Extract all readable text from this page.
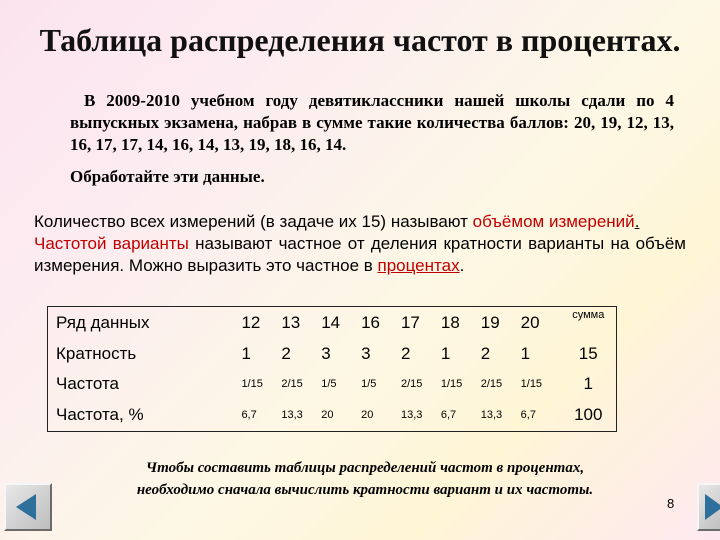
Таблица распределения частот в процентах.

В 2009-2010 учебном году девятиклассники нашей школы сдали по 4 выпускных экзамена, набрав в сумме такие количества баллов: 20, 19, 12, 13, 16, 17, 17, 14, 16, 14, 13, 19, 18, 16, 14.

Обработайте эти данные.

Количество всех измерений (в задаче их 15) называют объёмом измерений.
Частотой варианты называют частное от деления кратности варианты на объём измерения. Можно выразить это частное в процентах.

Ряд данных	12	13	14	16	17	18	19	20	сумма
Кратность	1	2	3	3	2	1	2	1	15
Частота	1/15	2/15	1/5	1/5	2/15	1/15	2/15	1/15	1
Частота, %	6,7	13,3	20	20	13,3	6,7	13,3	6,7	100

Чтобы составить таблицы распределений частот в процентах,
необходимо сначала вычислить кратности вариант и их частоты.

8
